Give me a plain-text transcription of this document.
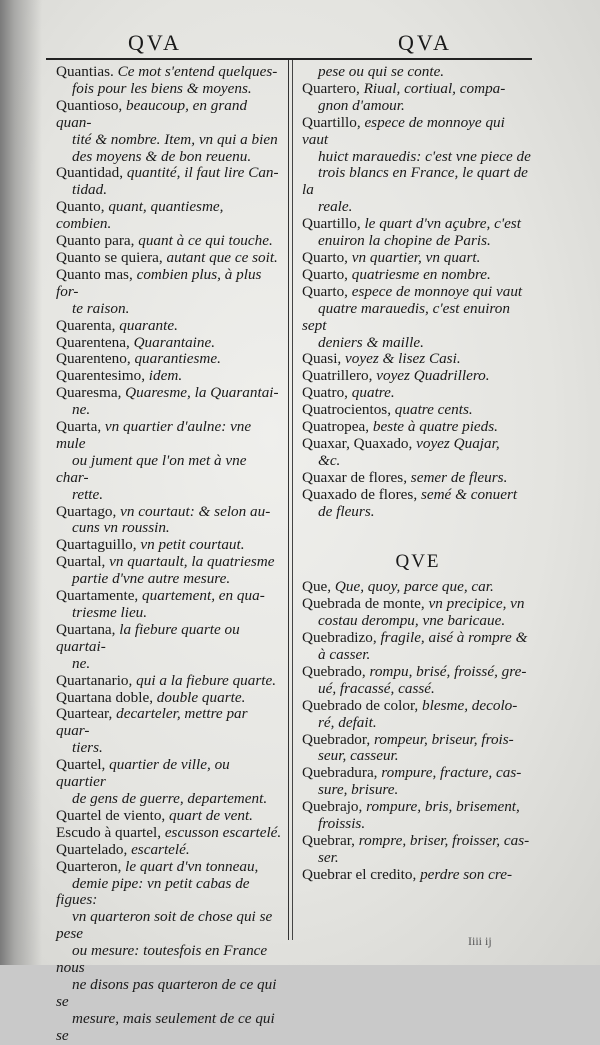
QVA	QVA
Quantias. Ce mot s'entend quelques-
fois pour les biens & moyens.
Quantioso, beaucoup, en grand quan-
tité & nombre. Item, vn qui a bien
des moyens & de bon reuenu.
Quantidad, quantité, il faut lire Can-
tidad.
Quanto, quant, quantiesme, combien.
Quanto para, quant à ce qui touche.
Quanto se quiera, autant que ce soit.
Quanto mas, combien plus, à plus for-
te raison.
Quarenta, quarante.
Quarentena, Quarantaine.
Quarenteno, quarantiesme.
Quarentesimo, idem.
Quaresma, Quaresme, la Quarantai-
ne.
Quarta, vn quartier d'aulne: vne mule
ou jument que l'on met à vne char-
rette.
Quartago, vn courtaut: & selon au-
cuns vn roussin.
Quartaguillo, vn petit courtaut.
Quartal, vn quartault, la quatriesme
partie d'vne autre mesure.
Quartamente, quartement, en qua-
triesme lieu.
Quartana, la fiebure quarte ou quartai-
ne.
Quartanario, qui a la fiebure quarte.
Quartana doble, double quarte.
Quartear, decarteler, mettre par quar-
tiers.
Quartel, quartier de ville, ou quartier
de gens de guerre, departement.
Quartel de viento, quart de vent.
Escudo à quartel, escusson escartelé.
Quartelado, escartelé.
Quarteron, le quart d'vn tonneau,
demie pipe: vn petit cabas de figues:
vn quarteron soit de chose qui se pese
ou mesure: toutesfois en France nous
ne disons pas quarteron de ce qui se
mesure, mais seulement de ce qui se
pese ou qui se conte.
Quartero, Riual, cortiual, compa-
gnon d'amour.
Quartillo, espece de monnoye qui vaut
huict marauedis: c'est vne piece de
trois blancs en France, le quart de la
reale.
Quartillo, le quart d'vn açubre, c'est
enuiron la chopine de Paris.
Quarto, vn quartier, vn quart.
Quarto, quatriesme en nombre.
Quarto, espece de monnoye qui vaut
quatre marauedis, c'est enuiron sept
deniers & maille.
Quasi, voyez & lisez Casi.
Quatrillero, voyez Quadrillero.
Quatro, quatre.
Quatrocientos, quatre cents.
Quatropea, beste à quatre pieds.
Quaxar, Quaxado, voyez Quajar,
&c.
Quaxar de flores, semer de fleurs.
Quaxado de flores, semé & conuert
de fleurs.
QVE
Que, Que, quoy, parce que, car.
Quebrada de monte, vn precipice, vn
costau derompu, vne baricaue.
Quebradizo, fragile, aisé à rompre &
à casser.
Quebrado, rompu, brisé, froissé, gre-
ué, fracassé, cassé.
Quebrado de color, blesme, decolo-
ré, defait.
Quebrador, rompeur, briseur, frois-
seur, casseur.
Quebradura, rompure, fracture, cas-
sure, brisure.
Quebrajo, rompure, bris, brisement,
froissis.
Quebrar, rompre, briser, froisser, cas-
ser.
Quebrar el credito, perdre son cre-
Iiii ij
